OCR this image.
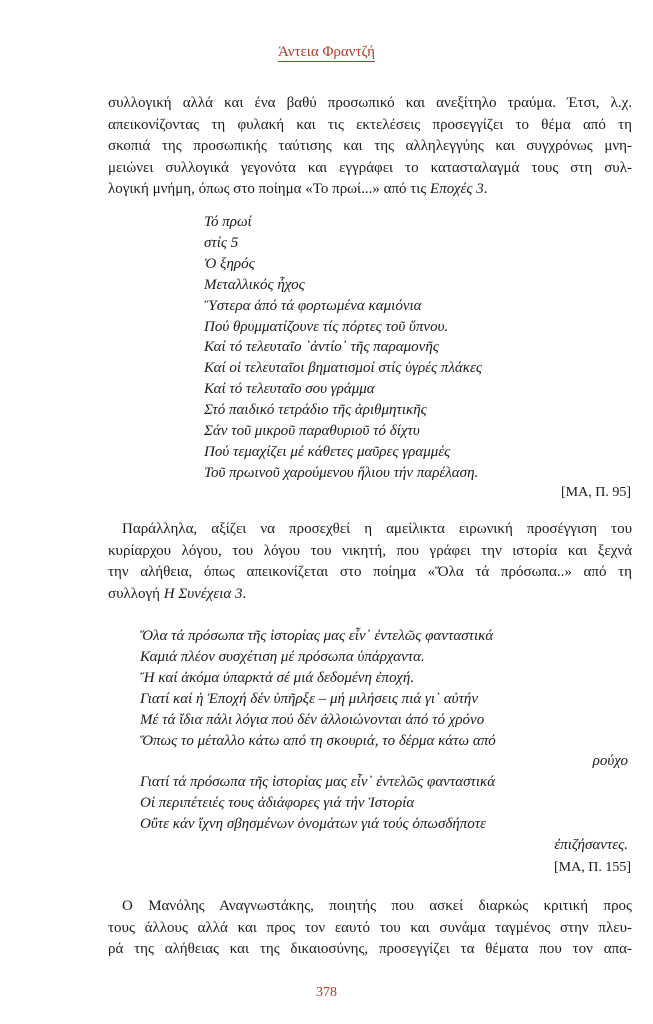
Άντεια Φραντζή
συλλογική αλλά και ένα βαθύ προσωπικό και ανεξίτηλο τραύμα. Έτσι, λ.χ.
απεικονίζοντας τη φυλακή και τις εκτελέσεις προσεγγίζει το θέμα από τη
σκοπιά της προσωπικής ταύτισης και της αλληλεγγύης και συγχρόνως μνη-
μειώνει συλλογικά γεγονότα και εγγράφει το κατασταλαγμά τους στη συλ-
λογική μνήμη, όπως στο ποίημα «Το πρωί...» από τις Εποχές 3.
Τό πρωί
στίς 5
Ὁ ξηρός
Μεταλλικός ἦχος
Ὕστερα ἀπό τά φορτωμένα καμιόνια
Πού θρυμματίζουνε τίς πόρτες τοῦ ὕπνου.
Καί τό τελευταῖο ᾿ἀντίο᾿ τῆς παραμονῆς
Καί οἱ τελευταῖοι βηματισμοί στίς ὑγρές πλάκες
Καί τό τελευταῖο σου γράμμα
Στό παιδικό τετράδιο τῆς ἀριθμητικῆς
Σάν τοῦ μικροῦ παραθυριοῦ τό δίχτυ
Πού τεμαχίζει μέ κάθετες μαῦρες γραμμές
Τοῦ πρωινοῦ χαρούμενου ἥλιου τήν παρέλαση.
[ΜΑ, Π. 95]
Παράλληλα, αξίζει να προσεχθεί η αμείλικτα ειρωνική προσέγγιση του
κυρίαρχου λόγου, του λόγου του νικητή, που γράφει την ιστορία και ξεχνά
την αλήθεια, όπως απεικονίζεται στο ποίημα «Ὅλα τά πρόσωπα..» από τη
συλλογή Η Συνέχεια 3.
Ὅλα τά πρόσωπα τῆς ἱστορίας μας εἶν᾿ ἐντελῶς φανταστικά
Καμιά πλέον συσχέτιση μέ πρόσωπα ὑπάρχαντα.
Ἤ καί ἀκόμα ὑπαρκτά σέ μιά δεδομένη ἐποχή.
Γιατί καί ἡ Ἐποχή δέν ὑπῆρξε – μή μιλήσεις πιά γι᾿ αὐτήν
Μέ τά ἴδια πάλι λόγια πού δέν ἀλλοιώνονται ἀπό τό χρόνο
Ὅπως το μέταλλο κάτω από τη σκουριά, το δέρμα κάτω από
ρούχο
Γιατί τά πρόσωπα τῆς ἱστορίας μας εἶν᾿ ἐντελῶς φανταστικά
Οἱ περιπέτειές τους ἀδιάφορες γιά τήν Ἱστορία
Οὔτε κάν ἴχνη σβησμένων ὀνομάτων γιά τούς ὁπωσδήποτε
ἐπιζήσαντες.
[ΜΑ, Π. 155]
Ο Μανόλης Αναγνωστάκης, ποιητής που ασκεί διαρκώς κριτική προς
τους άλλους αλλά και προς τον εαυτό του και συνάμα ταγμένος στην πλευ-
ρά της αλήθειας και της δικαιοσύνης, προσεγγίζει τα θέματα που τον απα-
378
